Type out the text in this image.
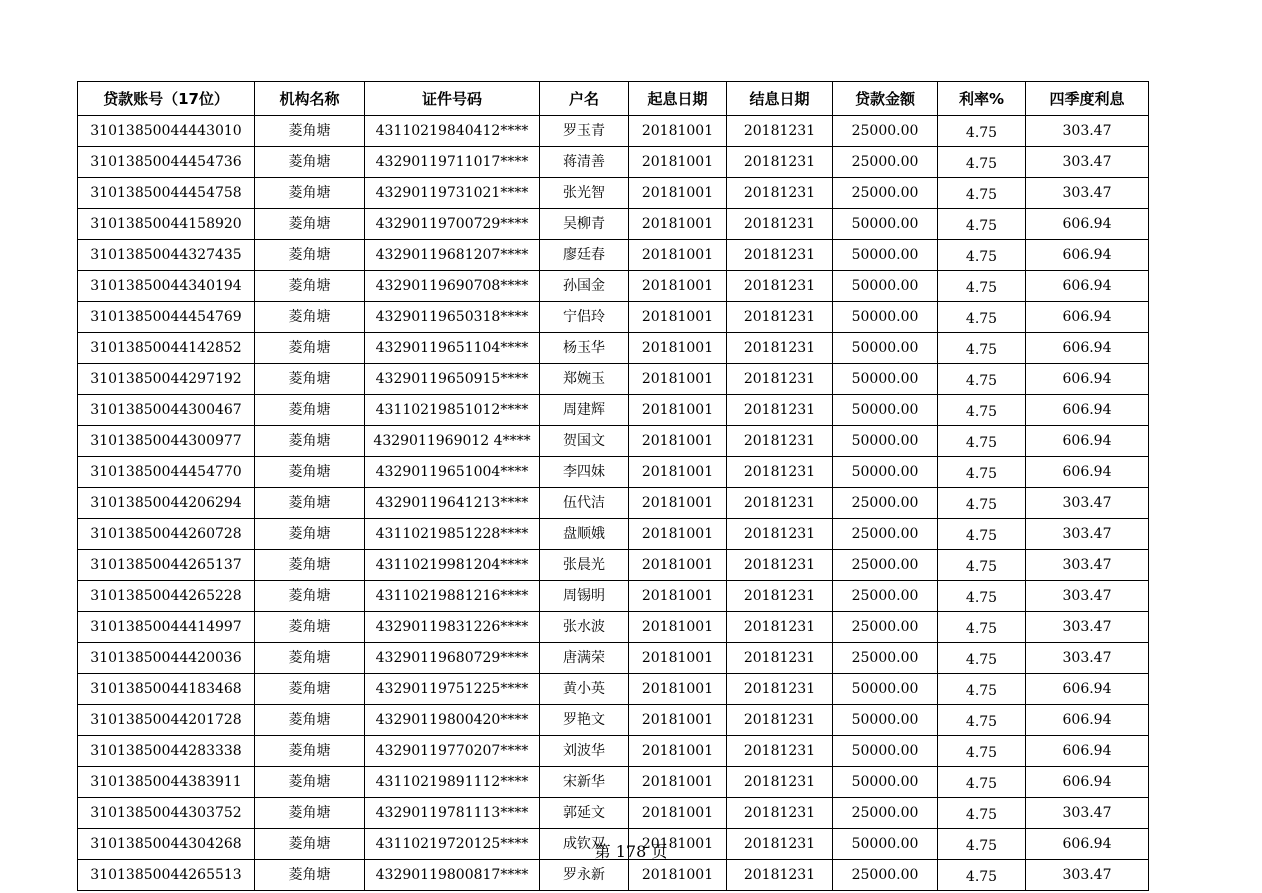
贷款账号（17位）	机构名称	证件号码	户名	起息日期	结息日期	贷款金额	利率%	四季度利息
31013850044443010	菱角塘	43110219840412****	罗玉青	20181001	20181231	25000.00	4.75	303.47
31013850044454736	菱角塘	43290119711017****	蒋清善	20181001	20181231	25000.00	4.75	303.47
31013850044454758	菱角塘	43290119731021****	张光智	20181001	20181231	25000.00	4.75	303.47
31013850044158920	菱角塘	43290119700729****	吴柳青	20181001	20181231	50000.00	4.75	606.94
31013850044327435	菱角塘	43290119681207****	廖廷春	20181001	20181231	50000.00	4.75	606.94
31013850044340194	菱角塘	43290119690708****	孙国金	20181001	20181231	50000.00	4.75	606.94
31013850044454769	菱角塘	43290119650318****	宁侣玲	20181001	20181231	50000.00	4.75	606.94
31013850044142852	菱角塘	43290119651104****	杨玉华	20181001	20181231	50000.00	4.75	606.94
31013850044297192	菱角塘	43290119650915****	郑婉玉	20181001	20181231	50000.00	4.75	606.94
31013850044300467	菱角塘	43110219851012****	周建辉	20181001	20181231	50000.00	4.75	606.94
31013850044300977	菱角塘	4329011969012 4****	贺国文	20181001	20181231	50000.00	4.75	606.94
31013850044454770	菱角塘	43290119651004****	李四妹	20181001	20181231	50000.00	4.75	606.94
31013850044206294	菱角塘	43290119641213****	伍代洁	20181001	20181231	25000.00	4.75	303.47
31013850044260728	菱角塘	43110219851228****	盘顺娥	20181001	20181231	25000.00	4.75	303.47
31013850044265137	菱角塘	43110219981204****	张晨光	20181001	20181231	25000.00	4.75	303.47
31013850044265228	菱角塘	43110219881216****	周锡明	20181001	20181231	25000.00	4.75	303.47
31013850044414997	菱角塘	43290119831226****	张水波	20181001	20181231	25000.00	4.75	303.47
31013850044420036	菱角塘	43290119680729****	唐满荣	20181001	20181231	25000.00	4.75	303.47
31013850044183468	菱角塘	43290119751225****	黄小英	20181001	20181231	50000.00	4.75	606.94
31013850044201728	菱角塘	43290119800420****	罗艳文	20181001	20181231	50000.00	4.75	606.94
31013850044283338	菱角塘	43290119770207****	刘波华	20181001	20181231	50000.00	4.75	606.94
31013850044383911	菱角塘	43110219891112****	宋新华	20181001	20181231	50000.00	4.75	606.94
31013850044303752	菱角塘	43290119781113****	郭延文	20181001	20181231	25000.00	4.75	303.47
31013850044304268	菱角塘	43110219720125****	成钦双	20181001	20181231	50000.00	4.75	606.94
31013850044265513	菱角塘	43290119800817****	罗永新	20181001	20181231	25000.00	4.75	303.47
第 178 页
